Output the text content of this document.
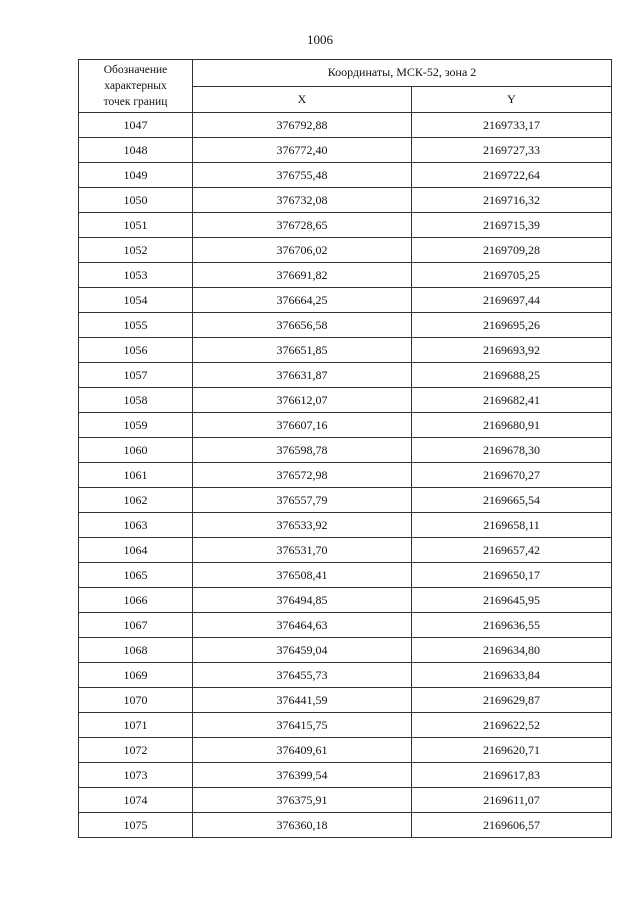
1006
Обозначение
характерных
точек границ	Координаты, МСК-52, зона 2	
	X	Y
1047	376792,88	2169733,17
1048	376772,40	2169727,33
1049	376755,48	2169722,64
1050	376732,08	2169716,32
1051	376728,65	2169715,39
1052	376706,02	2169709,28
1053	376691,82	2169705,25
1054	376664,25	2169697,44
1055	376656,58	2169695,26
1056	376651,85	2169693,92
1057	376631,87	2169688,25
1058	376612,07	2169682,41
1059	376607,16	2169680,91
1060	376598,78	2169678,30
1061	376572,98	2169670,27
1062	376557,79	2169665,54
1063	376533,92	2169658,11
1064	376531,70	2169657,42
1065	376508,41	2169650,17
1066	376494,85	2169645,95
1067	376464,63	2169636,55
1068	376459,04	2169634,80
1069	376455,73	2169633,84
1070	376441,59	2169629,87
1071	376415,75	2169622,52
1072	376409,61	2169620,71
1073	376399,54	2169617,83
1074	376375,91	2169611,07
1075	376360,18	2169606,57
